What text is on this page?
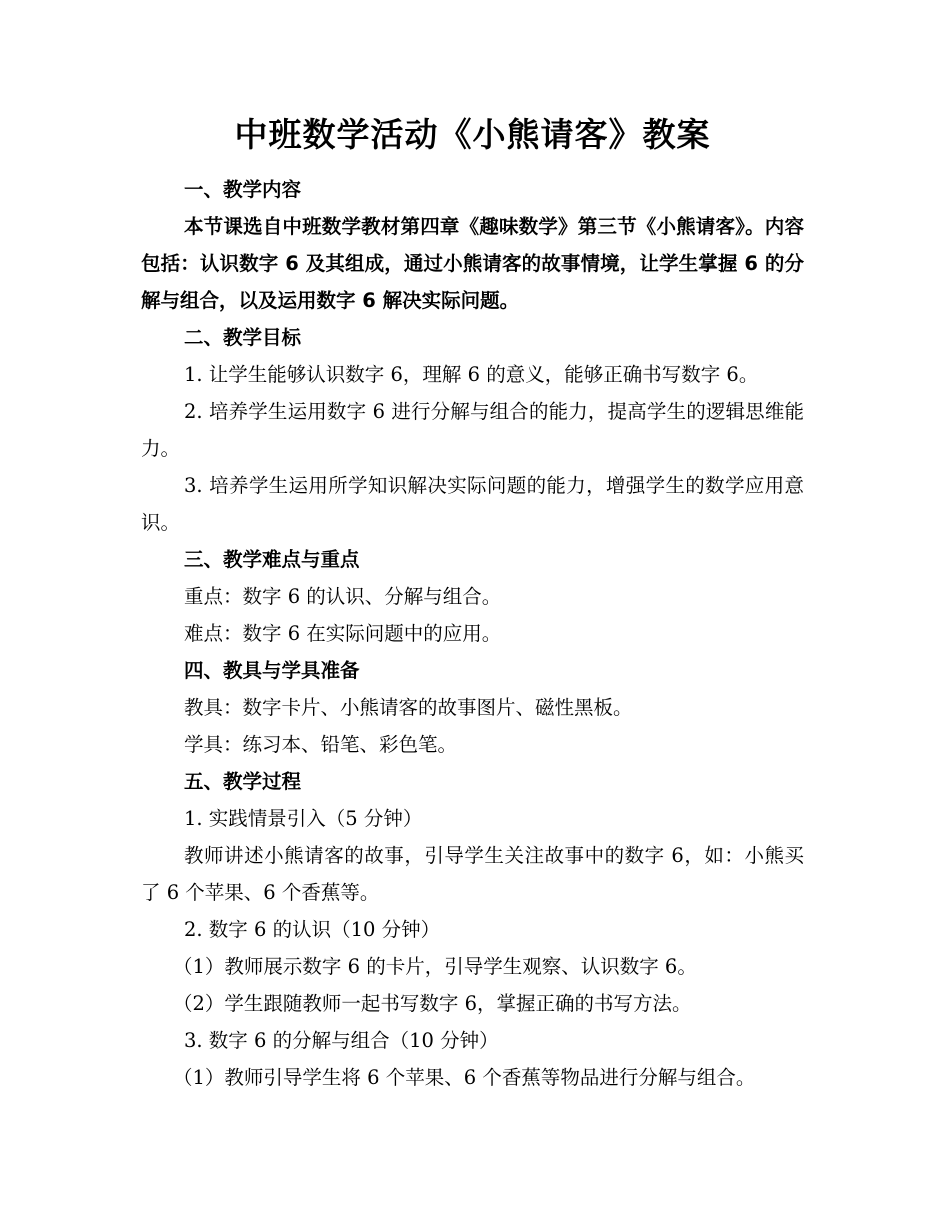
中班数学活动《小熊请客》教案

一、教学内容

本节课选自中班数学教材第四章《趣味数学》第三节《小熊请客》。内容包括：认识数字 6 及其组成，通过小熊请客的故事情境，让学生掌握 6 的分解与组合，以及运用数字 6 解决实际问题。

二、教学目标

1. 让学生能够认识数字 6，理解 6 的意义，能够正确书写数字 6。

2. 培养学生运用数字 6 进行分解与组合的能力，提高学生的逻辑思维能力。

3. 培养学生运用所学知识解决实际问题的能力，增强学生的数学应用意识。

三、教学难点与重点

重点：数字 6 的认识、分解与组合。

难点：数字 6 在实际问题中的应用。

四、教具与学具准备

教具：数字卡片、小熊请客的故事图片、磁性黑板。

学具：练习本、铅笔、彩色笔。

五、教学过程

1. 实践情景引入（5 分钟）

教师讲述小熊请客的故事，引导学生关注故事中的数字 6，如：小熊买了 6 个苹果、6 个香蕉等。

2. 数字 6 的认识（10 分钟）

（1）教师展示数字 6 的卡片，引导学生观察、认识数字 6。

（2）学生跟随教师一起书写数字 6，掌握正确的书写方法。

3. 数字 6 的分解与组合（10 分钟）

（1）教师引导学生将 6 个苹果、6 个香蕉等物品进行分解与组合。
